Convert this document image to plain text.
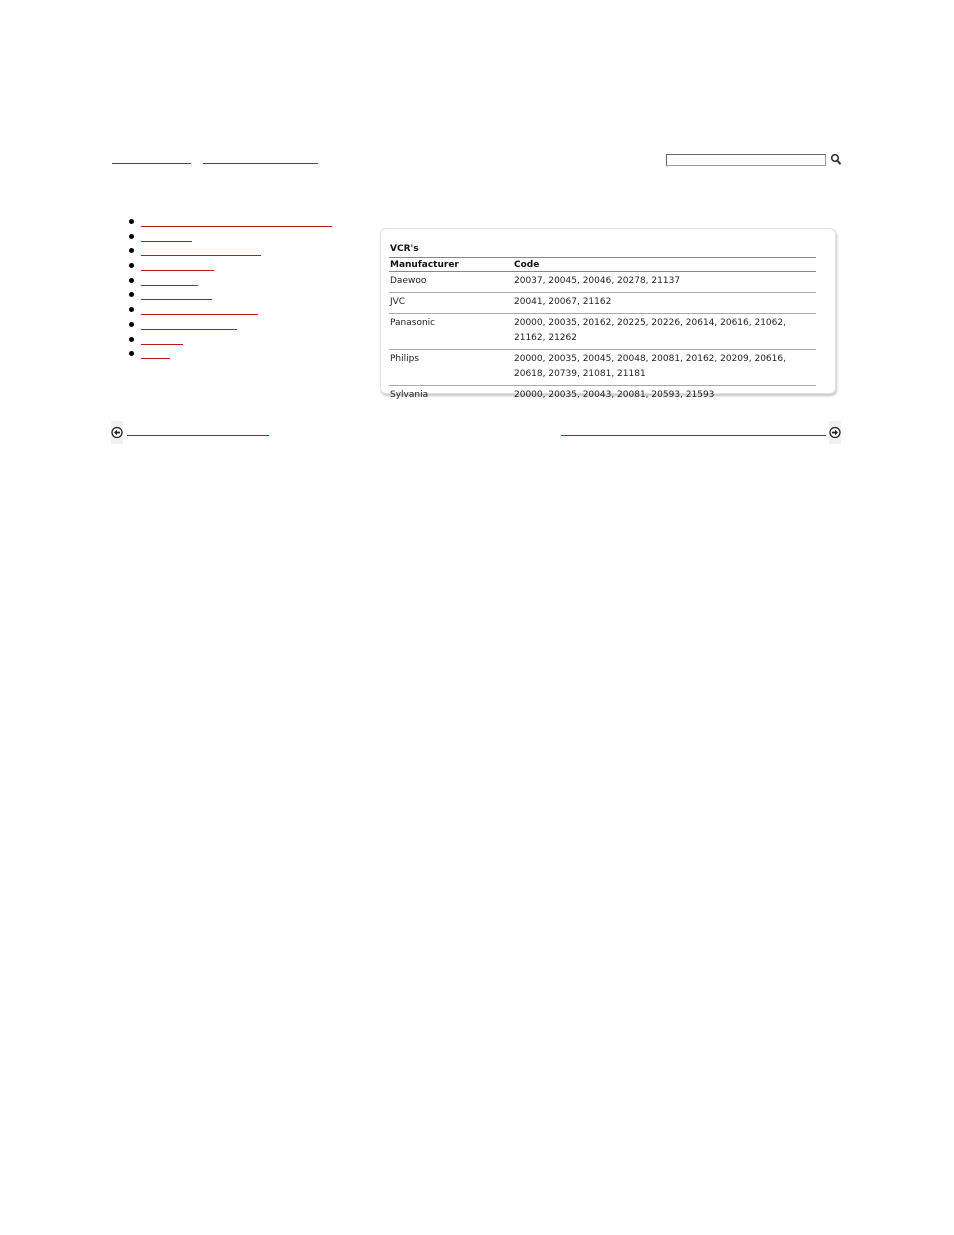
VCR's
Manufacturer	Code
Daewoo	20037, 20045, 20046, 20278, 21137
JVC	20041, 20067, 21162
Panasonic	20000, 20035, 20162, 20225, 20226, 20614, 20616, 21062, 21162, 21262
Philips	20000, 20035, 20045, 20048, 20081, 20162, 20209, 20616, 20618, 20739, 21081, 21181
Sylvania	20000, 20035, 20043, 20081, 20593, 21593
